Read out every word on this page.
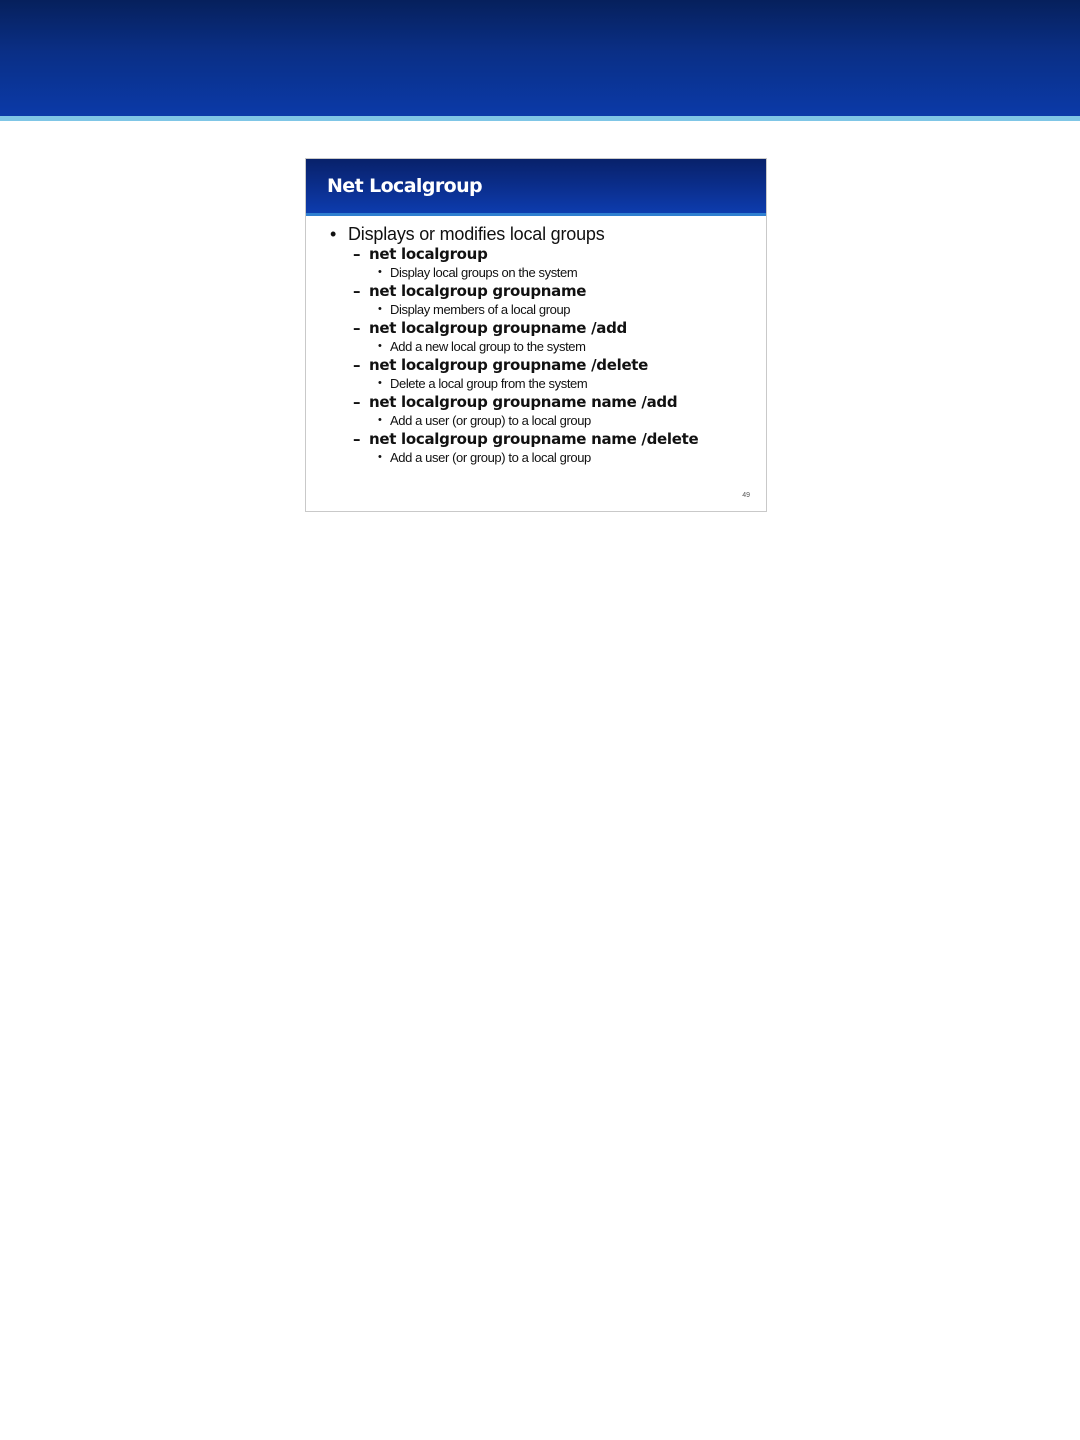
Net Localgroup
• Displays or modifies local groups
– net localgroup
• Display local groups on the system
– net localgroup groupname
• Display members of a local group
– net localgroup groupname /add
• Add a new local group to the system
– net localgroup groupname /delete
• Delete a local group from the system
– net localgroup groupname name /add
• Add a user (or group) to a local group
– net localgroup groupname name /delete
• Add a user (or group) to a local group
49
